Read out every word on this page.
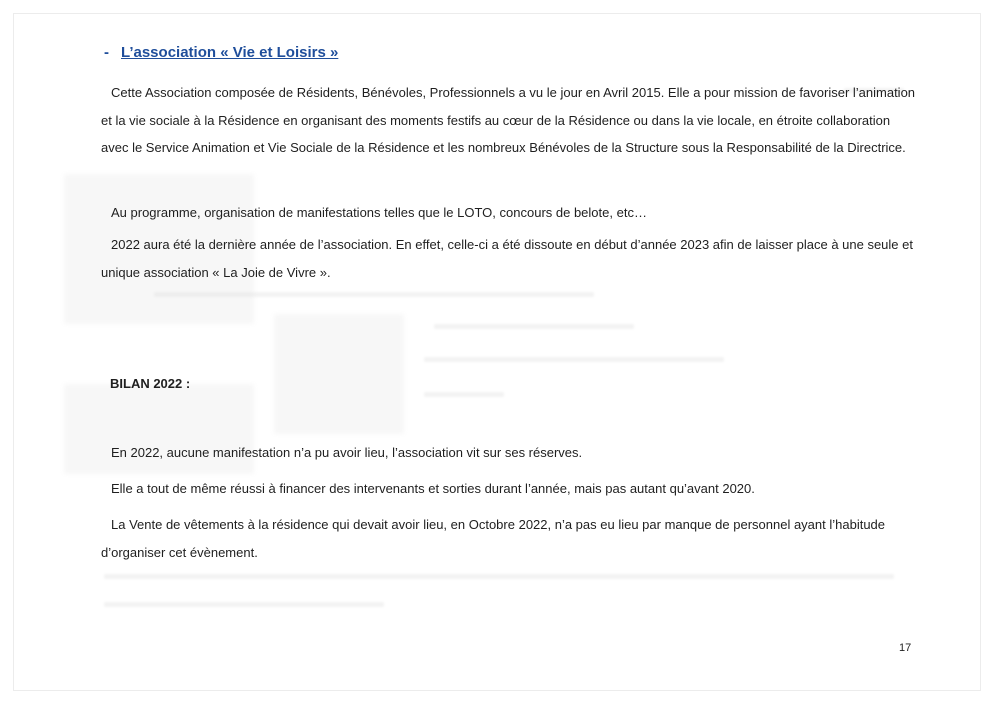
- L’association « Vie et Loisirs »
Cette Association composée de Résidents, Bénévoles, Professionnels a vu le jour en Avril 2015. Elle a pour mission de favoriser l’animation et la vie sociale à la Résidence en organisant des moments festifs au cœur de la Résidence ou dans la vie locale, en étroite collaboration avec le Service Animation et Vie Sociale de la Résidence et les nombreux Bénévoles de la Structure sous la Responsabilité de la Directrice.
Au programme, organisation de manifestations telles que le LOTO, concours de belote, etc…
2022 aura été la dernière année de l’association. En effet, celle-ci a été dissoute en début d’année 2023 afin de laisser place à une seule et unique association « La Joie de Vivre ».
BILAN 2022 :
En 2022, aucune manifestation n’a pu avoir lieu, l’association vit sur ses réserves.
Elle a tout de même réussi à financer des intervenants et sorties durant l’année, mais pas autant qu’avant 2020.
La Vente de vêtements à la résidence qui devait avoir lieu, en Octobre 2022, n’a pas eu lieu par manque de personnel ayant l’habitude d’organiser cet évènement.
17
